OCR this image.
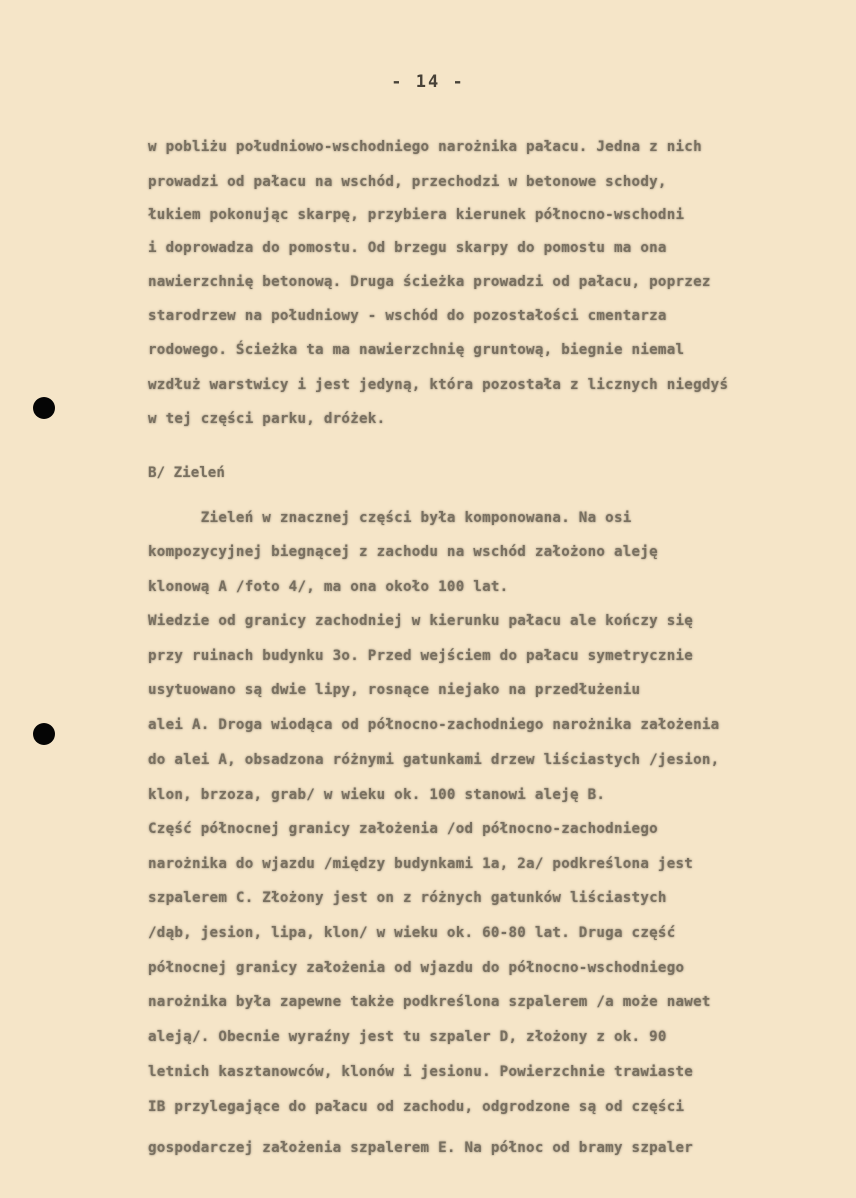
- 14 -
w pobliżu południowo-wschodniego narożnika pałacu. Jedna z nich
prowadzi od pałacu na wschód, przechodzi w betonowe schody,
łukiem pokonując skarpę, przybiera kierunek północno-wschodni
i doprowadza do pomostu. Od brzegu skarpy do pomostu ma ona
nawierzchnię betonową. Druga ścieżka prowadzi od pałacu, poprzez
starodrzew na południowy - wschód do pozostałości cmentarza
rodowego. Ścieżka ta ma nawierzchnię gruntową, biegnie niemal
wzdłuż warstwicy i jest jedyną, która pozostała z licznych niegdyś
w tej części parku, dróżek.
B/ Zieleń
Zieleń w znacznej części była komponowana. Na osi
kompozycyjnej biegnącej z zachodu na wschód założono aleję
klonową A /foto 4/, ma ona około 100 lat.
Wiedzie od granicy zachodniej w kierunku pałacu ale kończy się
przy ruinach budynku 3o. Przed wejściem do pałacu symetrycznie
usytuowano są dwie lipy, rosnące niejako na przedłużeniu
alei A. Droga wiodąca od północno-zachodniego narożnika założenia
do alei A, obsadzona różnymi gatunkami drzew liściastych /jesion,
klon, brzoza, grab/ w wieku ok. 100 stanowi aleję B.
Część północnej granicy założenia /od północno-zachodniego
narożnika do wjazdu /między budynkami 1a, 2a/ podkreślona jest
szpalerem C. Złożony jest on z różnych gatunków liściastych
/dąb, jesion, lipa, klon/ w wieku ok. 60-80 lat. Druga część
północnej granicy założenia od wjazdu do północno-wschodniego
narożnika była zapewne także podkreślona szpalerem /a może nawet
aleją/. Obecnie wyraźny jest tu szpaler D, złożony z ok. 90
letnich kasztanowców, klonów i jesionu. Powierzchnie trawiaste
IB przylegające do pałacu od zachodu, odgrodzone są od części
gospodarczej założenia szpalerem E. Na północ od bramy szpaler
